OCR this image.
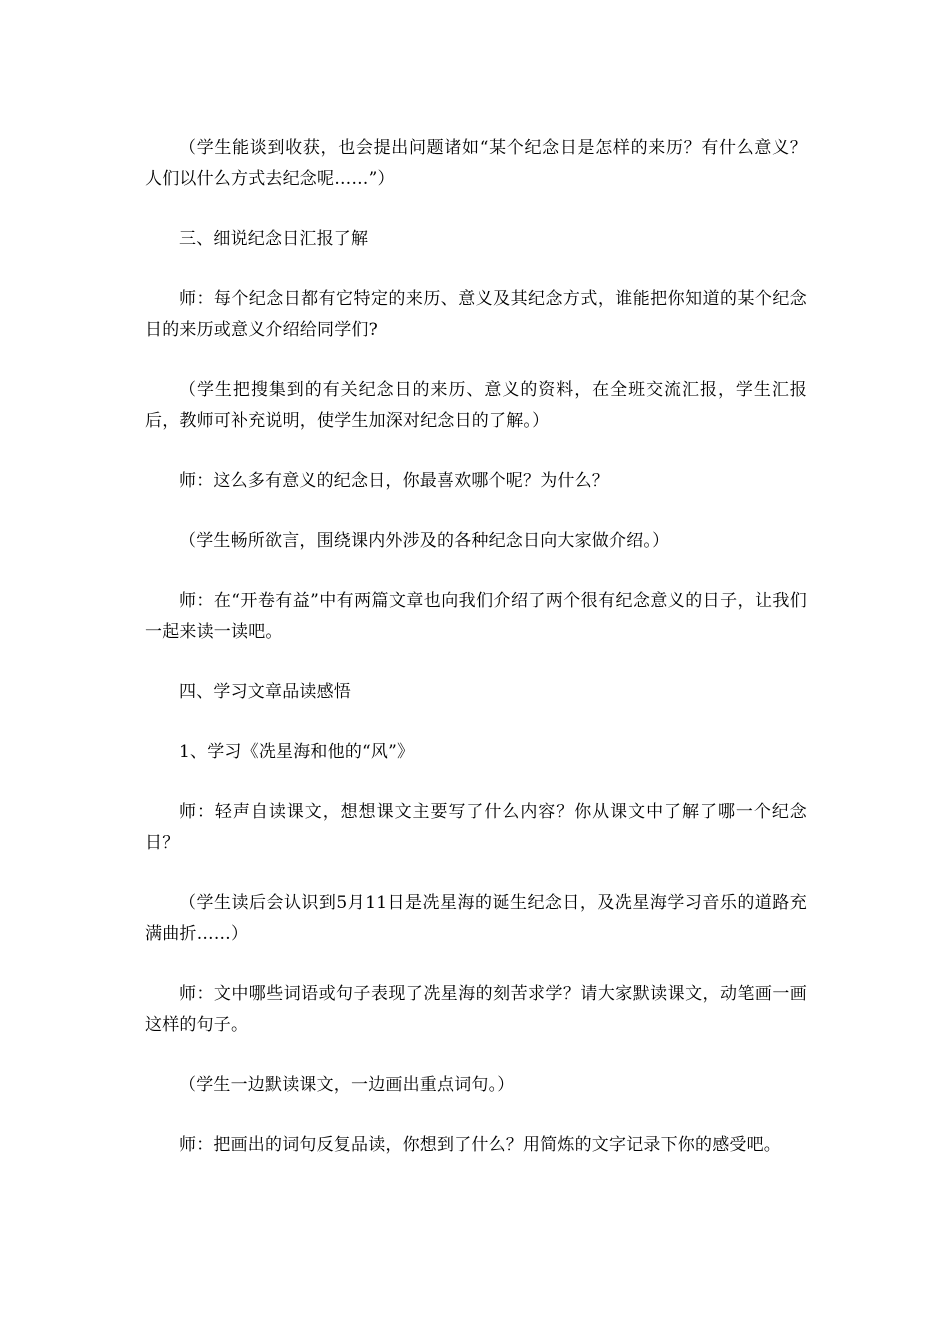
（学生能谈到收获，也会提出问题诸如“某个纪念日是怎样的来历？有什么意义？人们以什么方式去纪念呢……”）

三、细说纪念日汇报了解

师：每个纪念日都有它特定的来历、意义及其纪念方式，谁能把你知道的某个纪念日的来历或意义介绍给同学们?

（学生把搜集到的有关纪念日的来历、意义的资料，在全班交流汇报，学生汇报后，教师可补充说明，使学生加深对纪念日的了解。）

师：这么多有意义的纪念日，你最喜欢哪个呢？为什么？

（学生畅所欲言，围绕课内外涉及的各种纪念日向大家做介绍。）

师：在“开卷有益”中有两篇文章也向我们介绍了两个很有纪念意义的日子，让我们一起来读一读吧。

四、学习文章品读感悟

1、学习《冼星海和他的“风”》

师：轻声自读课文，想想课文主要写了什么内容？你从课文中了解了哪一个纪念日？

（学生读后会认识到5月11日是冼星海的诞生纪念日，及冼星海学习音乐的道路充满曲折……）

师：文中哪些词语或句子表现了冼星海的刻苦求学？请大家默读课文，动笔画一画这样的句子。

（学生一边默读课文，一边画出重点词句。）

师：把画出的词句反复品读，你想到了什么？用简炼的文字记录下你的感受吧。
